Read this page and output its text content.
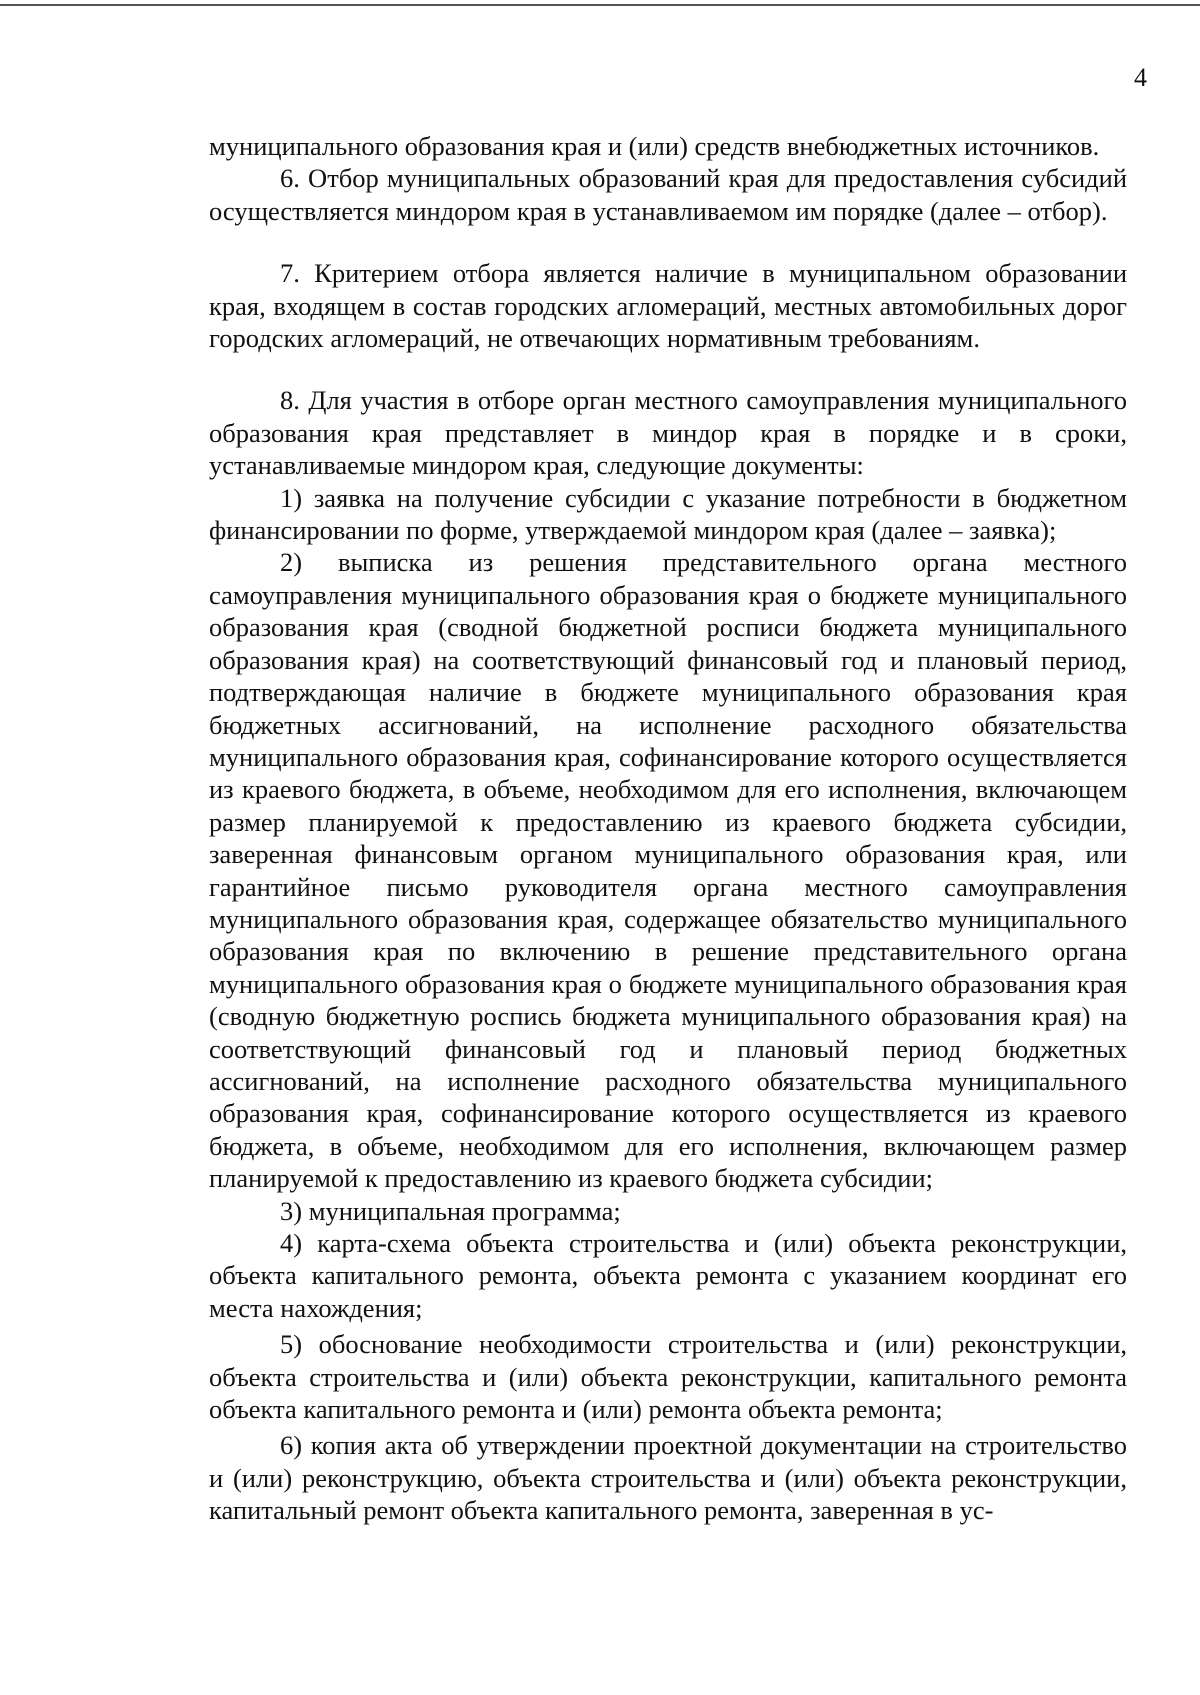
4

муниципального образования края и (или) средств внебюджетных источников.

6. Отбор муниципальных образований края для предоставления субсидий осуществляется миндором края в устанавливаемом им порядке (далее – отбор).

7. Критерием отбора является наличие в муниципальном образовании края, входящем в состав городских агломераций, местных автомобильных дорог городских агломераций, не отвечающих нормативным требованиям.

8. Для участия в отборе орган местного самоуправления муниципального образования края представляет в миндор края в порядке и в сроки, устанавливаемые миндором края, следующие документы:

1) заявка на получение субсидии с указание потребности в бюджетном финансировании по форме, утверждаемой миндором края (далее – заявка);

2) выписка из решения представительного органа местного самоуправления муниципального образования края о бюджете муниципального образования края (сводной бюджетной росписи бюджета муниципального образования края) на соответствующий финансовый год и плановый период, подтверждающая наличие в бюджете муниципального образования края бюджетных ассигнований, на исполнение расходного обязательства муниципального образования края, софинансирование которого осуществляется из краевого бюджета, в объеме, необходимом для его исполнения, включающем размер планируемой к предоставлению из краевого бюджета субсидии, заверенная финансовым органом муниципального образования края, или гарантийное письмо руководителя органа местного самоуправления муниципального образования края, содержащее обязательство муниципального образования края по включению в решение представительного органа муниципального образования края о бюджете муниципального образования края (сводную бюджетную роспись бюджета муниципального образования края) на соответствующий финансовый год и плановый период бюджетных ассигнований, на исполнение расходного обязательства муниципального образования края, софинансирование которого осуществляется из краевого бюджета, в объеме, необходимом для его исполнения, включающем размер планируемой к предоставлению из краевого бюджета субсидии;

3) муниципальная программа;

4) карта-схема объекта строительства и (или) объекта реконструкции, объекта капитального ремонта, объекта ремонта с указанием координат его места нахождения;

5) обоснование необходимости строительства и (или) реконструкции, объекта строительства и (или) объекта реконструкции, капитального ремонта объекта капитального ремонта и (или) ремонта объекта ремонта;

6) копия акта об утверждении проектной документации на строительство и (или) реконструкцию, объекта строительства и (или) объекта реконструкции, капитальный ремонт объекта капитального ремонта, заверенная в ус-
